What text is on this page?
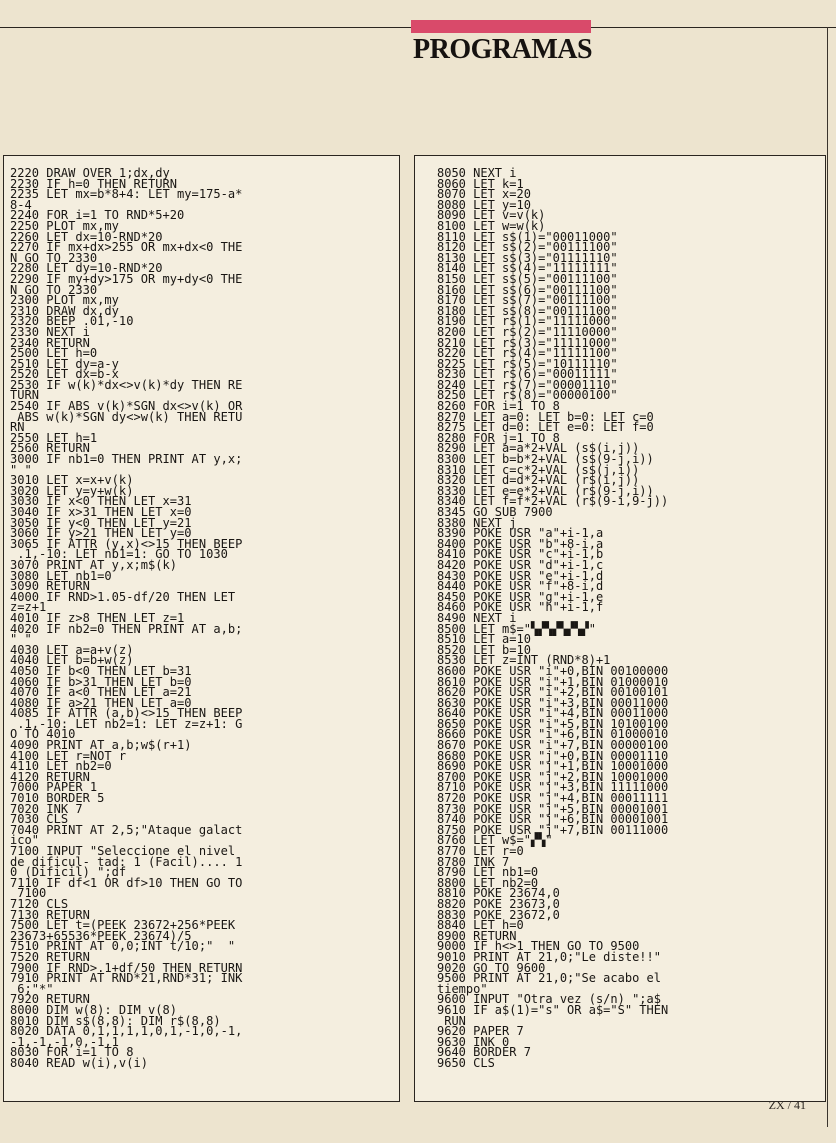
PROGRAMAS
2220 DRAW OVER 1;dx,dy
2230 IF h=0 THEN RETURN
2235 LET mx=b*8+4: LET my=175-a*
8-4
2240 FOR i=1 TO RND*5+20
2250 PLOT mx,my
2260 LET dx=10-RND*20
2270 IF mx+dx>255 OR mx+dx<0 THE
N GO TO 2330
2280 LET dy=10-RND*20
2290 IF my+dy>175 OR my+dy<0 THE
N GO TO 2330
2300 PLOT mx,my
2310 DRAW dx,dy
2320 BEEP .01,-10
2330 NEXT i
2340 RETURN
2500 LET h=0
2510 LET dy=a-y
2520 LET dx=b-x
2530 IF w(k)*dx<>v(k)*dy THEN RE
TURN
2540 IF ABS v(k)*SGN dx<>v(k) OR
ABS w(k)*SGN dy<>w(k) THEN RETU
RN
2550 LET h=1
2560 RETURN
3000 IF nb1=0 THEN PRINT AT y,x;
" "
3010 LET x=x+v(k)
3020 LET y=y+w(k)
3030 IF x<0 THEN LET x=31
3040 IF x>31 THEN LET x=0
3050 IF y<0 THEN LET y=21
3060 IF y>21 THEN LET y=0
3065 IF ATTR (y,x)<>15 THEN BEEP
.1,-10: LET nb1=1: GO TO 1030
3070 PRINT AT y,x;m$(k)
3080 LET nb1=0
3090 RETURN
4000 IF RND>1.05-df/20 THEN LET
z=z+1
4010 IF z>8 THEN LET z=1
4020 IF nb2=0 THEN PRINT AT a,b;
" "
4030 LET a=a+v(z)
4040 LET b=b+w(z)
4050 IF b<0 THEN LET b=31
4060 IF b>31 THEN LET b=0
4070 IF a<0 THEN LET a=21
4080 IF a>21 THEN LET a=0
4085 IF ATTR (a,b)<>15 THEN BEEP
.1,-10: LET nb2=1: LET z=z+1: G
O TO 4010
4090 PRINT AT a,b;w$(r+1)
4100 LET r=NOT r
4110 LET nb2=0
4120 RETURN
7000 PAPER 1
7010 BORDER 5
7020 INK 7
7030 CLS
7040 PRINT AT 2,5;"Ataque galact
ico"
7100 INPUT "Seleccione el nivel
de dificul- tad: 1 (Facil).... 1
0 (Dificil) ";df
7110 IF df<1 OR df>10 THEN GO TO
7100
7120 CLS
7130 RETURN
7500 LET t=(PEEK 23672+256*PEEK
23673+65536*PEEK 23674)/5
7510 PRINT AT 0,0;INT t/10;"  "
7520 RETURN
7900 IF RND>.1+df/50 THEN RETURN
7910 PRINT AT RND*21,RND*31; INK
6;"*"
7920 RETURN
8000 DIM w(8): DIM v(8)
8010 DIM s$(8,8): DIM r$(8,8)
8020 DATA 0,1,1,1,1,0,1,-1,0,-1,
-1,-1,-1,0,-1,1
8030 FOR i=1 TO 8
8040 READ w(i),v(i)
8050 NEXT i
8060 LET k=1
8070 LET x=20
8080 LET y=10
8090 LET v=v(k)
8100 LET w=w(k)
8110 LET s$(1)="00011000"
8120 LET s$(2)="00111100"
8130 LET s$(3)="01111110"
8140 LET s$(4)="11111111"
8150 LET s$(5)="00111100"
8160 LET s$(6)="00111100"
8170 LET s$(7)="00111100"
8180 LET s$(8)="00111100"
8190 LET r$(1)="11111000"
8200 LET r$(2)="11110000"
8210 LET r$(3)="11111000"
8220 LET r$(4)="11111100"
8225 LET r$(5)="10111110"
8230 LET r$(6)="00011111"
8240 LET r$(7)="00001110"
8250 LET r$(8)="00000100"
8260 FOR i=1 TO 8
8270 LET a=0: LET b=0: LET c=0
8275 LET d=0: LET e=0: LET f=0
8280 FOR j=1 TO 8
8290 LET a=a*2+VAL (s$(i,j))
8300 LET b=b*2+VAL (s$(9-j,i))
8310 LET c=c*2+VAL (s$(j,i))
8320 LET d=d*2+VAL (r$(i,j))
8330 LET e=e*2+VAL (r$(9-j,i))
8340 LET f=f*2+VAL (r$(9-i,9-j))
8345 GO SUB 7900
8380 NEXT j
8390 POKE USR "a"+i-1,a
8400 POKE USR "b"+8-i,a
8410 POKE USR "c"+i-1,b
8420 POKE USR "d"+i-1,c
8430 POKE USR "e"+i-1,d
8440 POKE USR "f"+8-i,d
8450 POKE USR "g"+i-1,e
8460 POKE USR "h"+i-1,f
8490 NEXT i
8500 LET m$="▚▞▚▞▚▞▚▞"
8510 LET a=10
8520 LET b=10
8530 LET z=INT (RND*8)+1
8600 POKE USR "i"+0,BIN 00100000
8610 POKE USR "i"+1,BIN 01000010
8620 POKE USR "i"+2,BIN 00100101
8630 POKE USR "i"+3,BIN 00011000
8640 POKE USR "i"+4,BIN 00011000
8650 POKE USR "i"+5,BIN 10100100
8660 POKE USR "i"+6,BIN 01000010
8670 POKE USR "i"+7,BIN 00000100
8680 POKE USR "j"+0,BIN 00001110
8690 POKE USR "j"+1,BIN 10001000
8700 POKE USR "j"+2,BIN 10001000
8710 POKE USR "j"+3,BIN 11111000
8720 POKE USR "j"+4,BIN 00011111
8730 POKE USR "j"+5,BIN 00001001
8740 POKE USR "j"+6,BIN 00001001
8750 POKE USR "j"+7,BIN 00111000
8760 LET w$="▞▚"
8770 LET r=0
8780 INK 7
8790 LET nb1=0
8800 LET nb2=0
8810 POKE 23674,0
8820 POKE 23673,0
8830 POKE 23672,0
8840 LET h=0
8900 RETURN
9000 IF h<>1 THEN GO TO 9500
9010 PRINT AT 21,0;"Le diste!!"
9020 GO TO 9600
9500 PRINT AT 21,0;"Se acabo el
tiempo"
9600 INPUT "Otra vez (s/n) ";a$
9610 IF a$(1)="s" OR a$="S" THEN
RUN
9620 PAPER 7
9630 INK 0
9640 BORDER 7
9650 CLS
ZX / 41
